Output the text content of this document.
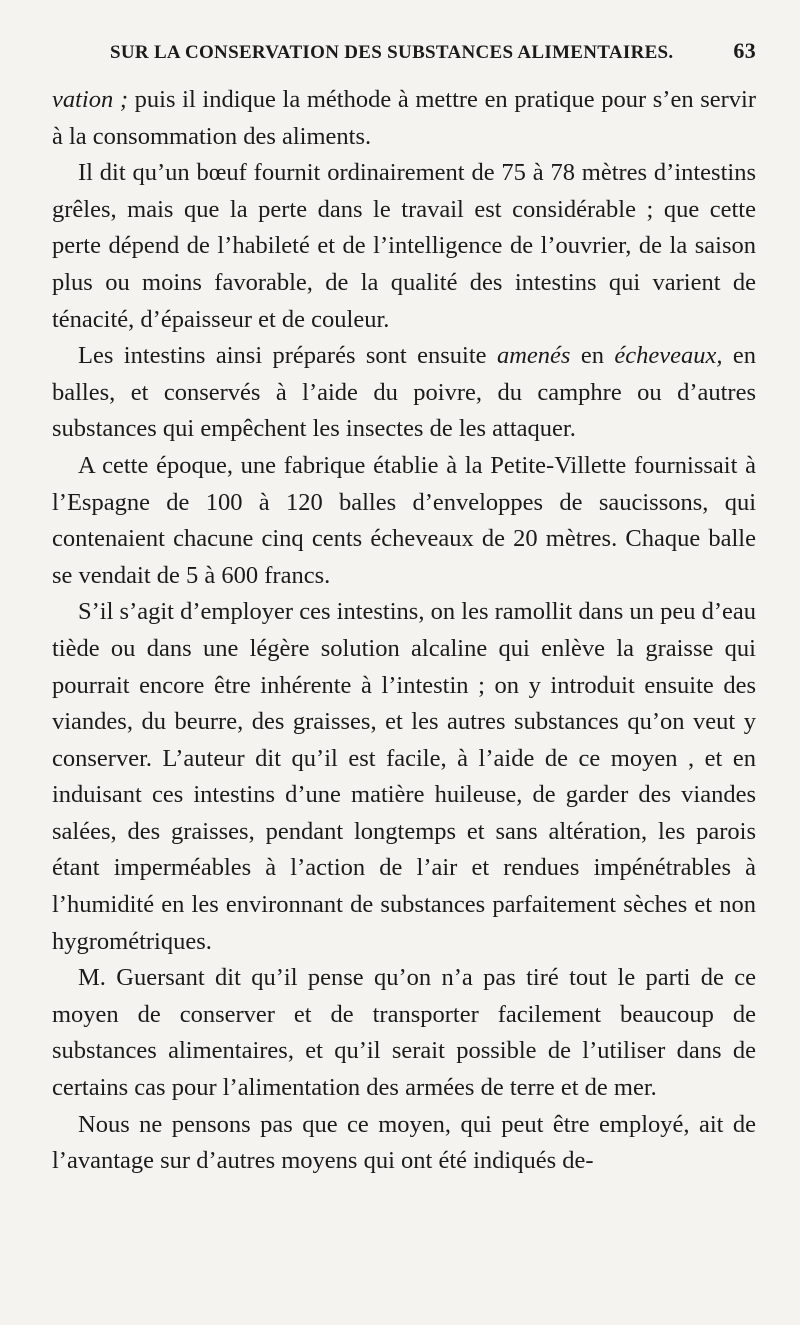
SUR LA CONSERVATION DES SUBSTANCES ALIMENTAIRES.	63

vation ; puis il indique la méthode à mettre en pratique pour s’en servir à la consommation des aliments.

Il dit qu’un bœuf fournit ordinairement de 75 à 78 mètres d’intestins grêles, mais que la perte dans le travail est considérable ; que cette perte dépend de l’habileté et de l’intelligence de l’ouvrier, de la saison plus ou moins favorable, de la qualité des intestins qui varient de ténacité, d’épaisseur et de couleur.

Les intestins ainsi préparés sont ensuite amenés en écheveaux, en balles, et conservés à l’aide du poivre, du camphre ou d’autres substances qui empêchent les insectes de les attaquer.

A cette époque, une fabrique établie à la Petite-Villette fournissait à l’Espagne de 100 à 120 balles d’enveloppes de saucissons, qui contenaient chacune cinq cents écheveaux de 20 mètres. Chaque balle se vendait de 5 à 600 francs.

S’il s’agit d’employer ces intestins, on les ramollit dans un peu d’eau tiède ou dans une légère solution alcaline qui enlève la graisse qui pourrait encore être inhérente à l’intestin ; on y introduit ensuite des viandes, du beurre, des graisses, et les autres substances qu’on veut y conserver. L’auteur dit qu’il est facile, à l’aide de ce moyen , et en induisant ces intestins d’une matière huileuse, de garder des viandes salées, des graisses, pendant longtemps et sans altération, les parois étant imperméables à l’action de l’air et rendues impénétrables à l’humidité en les environnant de substances parfaitement sèches et non hygrométriques.

M. Guersant dit qu’il pense qu’on n’a pas tiré tout le parti de ce moyen de conserver et de transporter facilement beaucoup de substances alimentaires, et qu’il serait possible de l’utiliser dans de certains cas pour l’alimentation des armées de terre et de mer.

Nous ne pensons pas que ce moyen, qui peut être employé, ait de l’avantage sur d’autres moyens qui ont été indiqués de-
